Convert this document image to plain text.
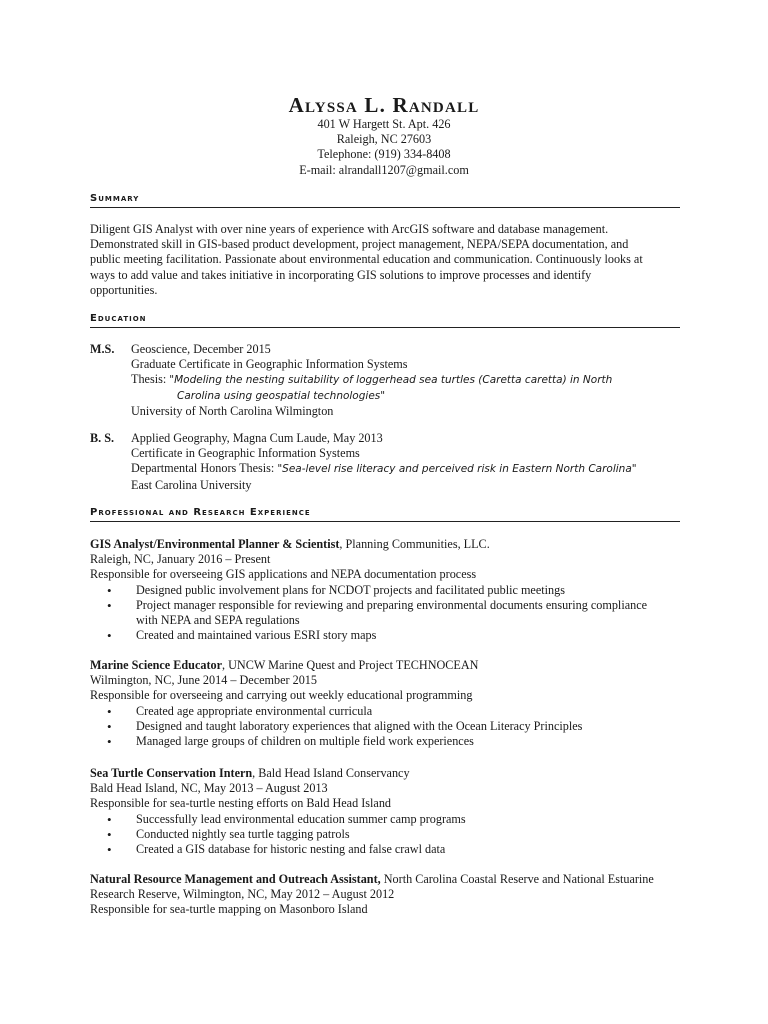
Alyssa L. Randall
401 W Hargett St. Apt. 426
Raleigh, NC 27603
Telephone: (919) 334-8408
E-mail: alrandall1207@gmail.com
Summary
Diligent GIS Analyst with over nine years of experience with ArcGIS software and database management.
Demonstrated skill in GIS-based product development, project management, NEPA/SEPA documentation, and
public meeting facilitation. Passionate about environmental education and communication. Continuously looks at
ways to add value and takes initiative in incorporating GIS solutions to improve processes and identify
opportunities.
Education
M.S.	Geoscience, December 2015
Graduate Certificate in Geographic Information Systems
Thesis: "Modeling the nesting suitability of loggerhead sea turtles (Caretta caretta) in North
Carolina using geospatial technologies"
University of North Carolina Wilmington
B. S.	Applied Geography, Magna Cum Laude, May 2013
Certificate in Geographic Information Systems
Departmental Honors Thesis: "Sea-level rise literacy and perceived risk in Eastern North Carolina"
East Carolina University
Professional and Research Experience
GIS Analyst/Environmental Planner & Scientist, Planning Communities, LLC.
Raleigh, NC, January 2016 – Present
Responsible for overseeing GIS applications and NEPA documentation process
• Designed public involvement plans for NCDOT projects and facilitated public meetings
• Project manager responsible for reviewing and preparing environmental documents ensuring compliance
with NEPA and SEPA regulations
• Created and maintained various ESRI story maps
Marine Science Educator, UNCW Marine Quest and Project TECHNOCEAN
Wilmington, NC, June 2014 – December 2015
Responsible for overseeing and carrying out weekly educational programming
• Created age appropriate environmental curricula
• Designed and taught laboratory experiences that aligned with the Ocean Literacy Principles
• Managed large groups of children on multiple field work experiences
Sea Turtle Conservation Intern, Bald Head Island Conservancy
Bald Head Island, NC, May 2013 – August 2013
Responsible for sea-turtle nesting efforts on Bald Head Island
• Successfully lead environmental education summer camp programs
• Conducted nightly sea turtle tagging patrols
• Created a GIS database for historic nesting and false crawl data
Natural Resource Management and Outreach Assistant, North Carolina Coastal Reserve and National Estuarine
Research Reserve, Wilmington, NC, May 2012 – August 2012
Responsible for sea-turtle mapping on Masonboro Island
